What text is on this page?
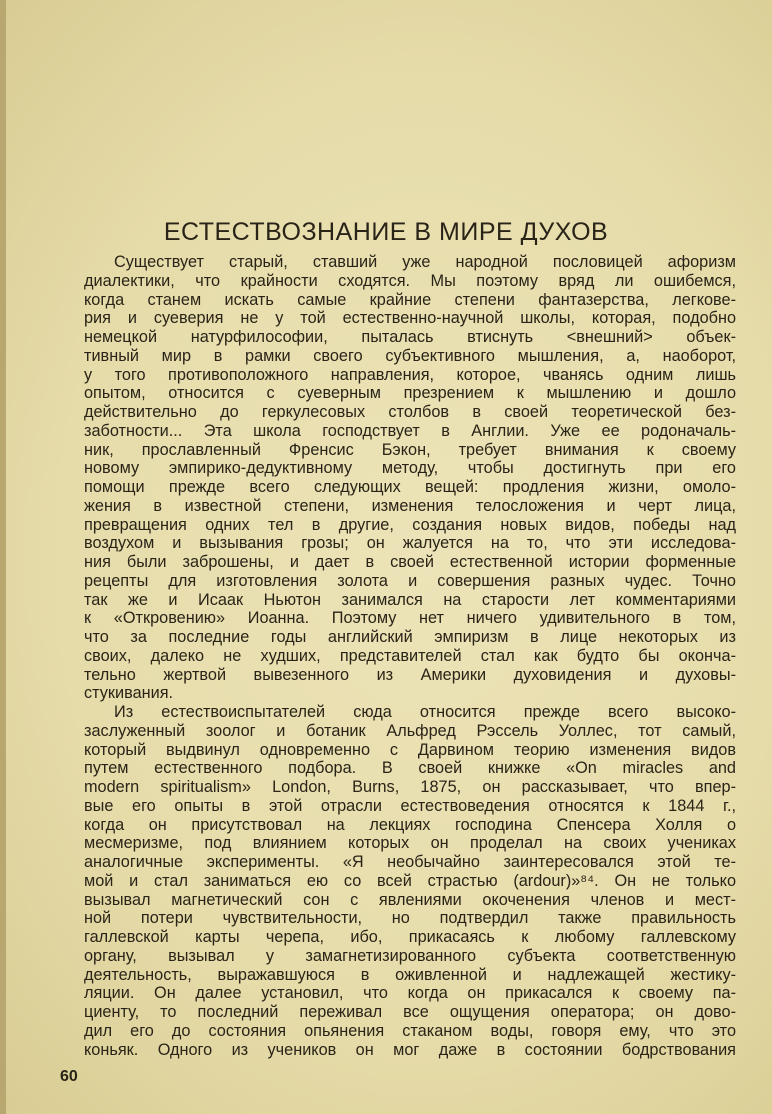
ЕСТЕСТВОЗНАНИЕ В МИРЕ ДУХОВ
Существует старый, ставший уже народной пословицей афоризм
диалектики, что крайности сходятся. Мы поэтому вряд ли ошибемся,
когда станем искать самые крайние степени фантазерства, легкове-
рия и суеверия не у той естественно-научной школы, которая, подобно
немецкой натурфилософии, пыталась втиснуть <внешний> объек-
тивный мир в рамки своего субъективного мышления, а, наоборот,
у того противоположного направления, которое, чванясь одним лишь
опытом, относится с суеверным презрением к мышлению и дошло
действительно до геркулесовых столбов в своей теоретической без-
заботности... Эта школа господствует в Англии. Уже ее родоначаль-
ник, прославленный Френсис Бэкон, требует внимания к своему
новому эмпирико-дедуктивному методу, чтобы достигнуть при его
помощи прежде всего следующих вещей: продления жизни, омоло-
жения в известной степени, изменения телосложения и черт лица,
превращения одних тел в другие, создания новых видов, победы над
воздухом и вызывания грозы; он жалуется на то, что эти исследова-
ния были заброшены, и дает в своей естественной истории форменные
рецепты для изготовления золота и совершения разных чудес. Точно
так же и Исаак Ньютон занимался на старости лет комментариями
к «Откровению» Иоанна. Поэтому нет ничего удивительного в том,
что за последние годы английский эмпиризм в лице некоторых из
своих, далеко не худших, представителей стал как будто бы оконча-
тельно жертвой вывезенного из Америки духовидения и духовы-
стукивания.
Из естествоиспытателей сюда относится прежде всего высоко-
заслуженный зоолог и ботаник Альфред Рэссель Уоллес, тот самый,
который выдвинул одновременно с Дарвином теорию изменения видов
путем естественного подбора. В своей книжке «On miracles and
modern spiritualism» London, Burns, 1875, он рассказывает, что впер-
вые его опыты в этой отрасли естествоведения относятся к 1844 г.,
когда он присутствовал на лекциях господина Спенсера Холля о
месмеризме, под влиянием которых он проделал на своих учениках
аналогичные эксперименты. «Я необычайно заинтересовался этой те-
мой и стал заниматься ею со всей страстью (ardour)»⁸⁴. Он не только
вызывал магнетический сон с явлениями окоченения членов и мест-
ной потери чувствительности, но подтвердил также правильность
галлевской карты черепа, ибо, прикасаясь к любому галлевскому
органу, вызывал у замагнетизированного субъекта соответственную
деятельность, выражавшуюся в оживленной и надлежащей жестику-
ляции. Он далее установил, что когда он прикасался к своему па-
циенту, то последний переживал все ощущения оператора; он дово-
дил его до состояния опьянения стаканом воды, говоря ему, что это
коньяк. Одного из учеников он мог даже в состоянии бодрствования
60
